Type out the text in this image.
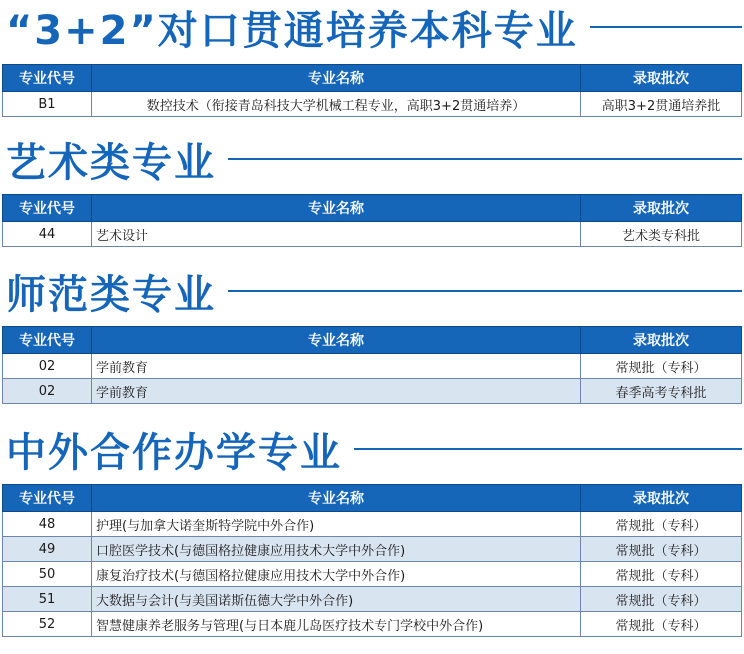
“3+2”对口贯通培养本科专业
专业代号	专业名称	录取批次
B1	数控技术（衔接青岛科技大学机械工程专业，高职3+2贯通培养）	高职3+2贯通培养批
艺术类专业
专业代号	专业名称	录取批次
44	艺术设计	艺术类专科批
师范类专业
专业代号	专业名称	录取批次
02	学前教育	常规批（专科）
02	学前教育	春季高考专科批
中外合作办学专业
专业代号	专业名称	录取批次
48	护理(与加拿大诺奎斯特学院中外合作)	常规批（专科）
49	口腔医学技术(与德国格拉健康应用技术大学中外合作)	常规批（专科）
50	康复治疗技术(与德国格拉健康应用技术大学中外合作)	常规批（专科）
51	大数据与会计(与美国诺斯伍德大学中外合作)	常规批（专科）
52	智慧健康养老服务与管理(与日本鹿儿岛医疗技术专门学校中外合作)	常规批（专科）
